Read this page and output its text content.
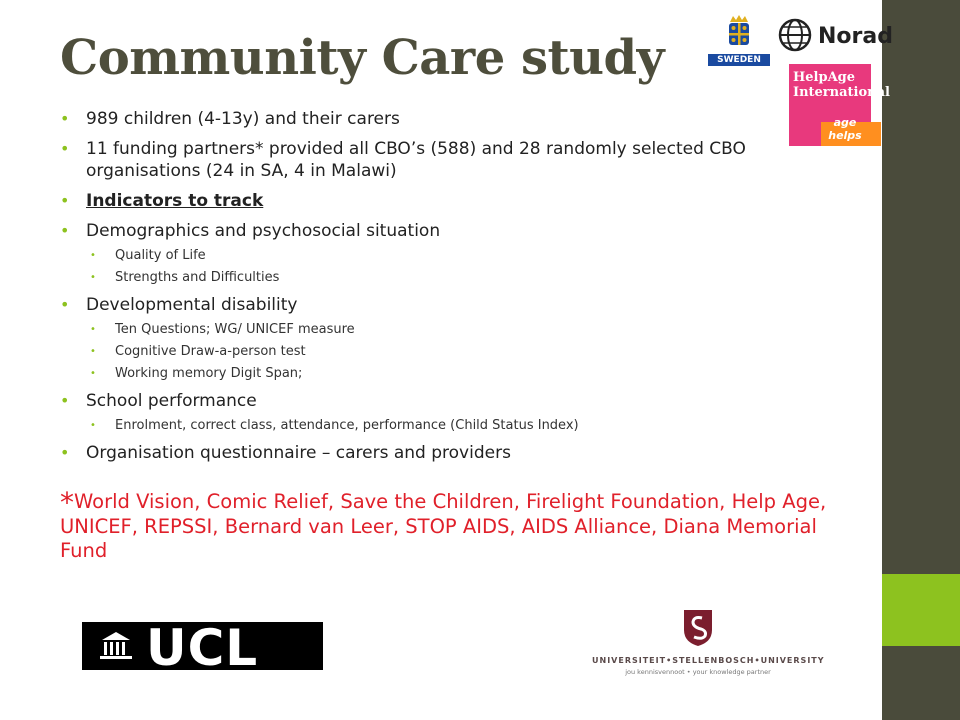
Community Care study
• 989 children (4-13y) and their carers
• 11 funding partners* provided all CBO’s (588) and 28 randomly selected CBO organisations (24 in SA, 4 in Malawi)
• Indicators to track
• Demographics and psychosocial situation
• Quality of Life
• Strengths and Difficulties
• Developmental disability
• Ten Questions; WG/ UNICEF measure
• Cognitive Draw-a-person test
• Working memory Digit Span;
• School performance
• Enrolment, correct class, attendance, performance (Child Status Index)
• Organisation questionnaire – carers and providers
*World Vision, Comic Relief, Save the Children, Firelight Foundation, Help Age, UNICEF, REPSSI, Bernard van Leer, STOP AIDS, AIDS Alliance, Diana Memorial Fund
SWEDEN
Norad
HelpAge
International
age helps
UCL	UNIVERSITEIT•STELLENBOSCH•UNIVERSITY
jou kennisvennoot • your knowledge partner
